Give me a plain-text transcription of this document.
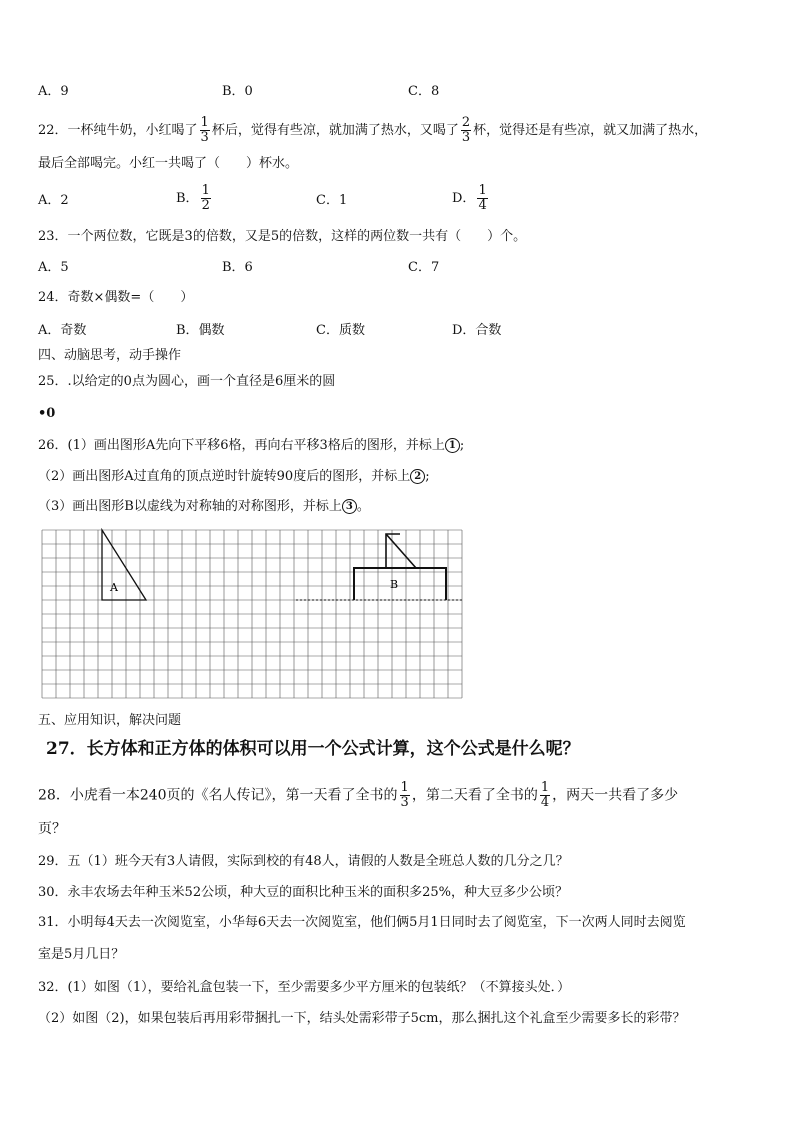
A．9	B．0	C．8
22．一杯纯牛奶，小红喝了 $\frac{1}{3}$ 杯后，觉得有些凉，就加满了热水，又喝了 $\frac{2}{3}$ 杯，觉得还是有些凉，就又加满了热水，
最后全部喝完。小红一共喝了（　　）杯水。
A．2	B． $\frac{1}{2}$	C．1	D． $\frac{1}{4}$
23．一个两位数，它既是3的倍数，又是5的倍数，这样的两位数一共有（　　）个。
A．5	B．6	C．7
24．奇数×偶数=（　　）
A．奇数	B．偶数	C．质数	D．合数
四、动脑思考，动手操作
25．.以给定的0点为圆心，画一个直径是6厘米的圆
•0
26．(1）画出图形A先向下平移6格，再向右平移3格后的图形，并标上 1 ;
（2）画出图形A过直角的顶点逆时针旋转90度后的图形，并标上 2 ;
（3）画出图形B以虚线为对称轴的对称图形，并标上 3 。
A	B
五、应用知识，解决问题
27．长方体和正方体的体积可以用一个公式计算，这个公式是什么呢？
28．小虎看一本240页的《名人传记》，第一天看了全书的 $\frac{1}{3}$ ，第二天看了全书的 $\frac{1}{4}$ ，两天一共看了多少
页？
29．五（1）班今天有3人请假，实际到校的有48人，请假的人数是全班总人数的几分之几？
30．永丰农场去年种玉米52公顷，种大豆的面积比种玉米的面积多25%，种大豆多少公顷？
31．小明每4天去一次阅览室，小华每6天去一次阅览室，他们俩5月1日同时去了阅览室，下一次两人同时去阅览
室是5月几日？
32．(1）如图（1），要给礼盒包装一下，至少需要多少平方厘米的包装纸？（不算接头处．）
（2）如图（2)，如果包装后再用彩带捆扎一下，结头处需彩带子5cm，那么捆扎这个礼盒至少需要多长的彩带？
